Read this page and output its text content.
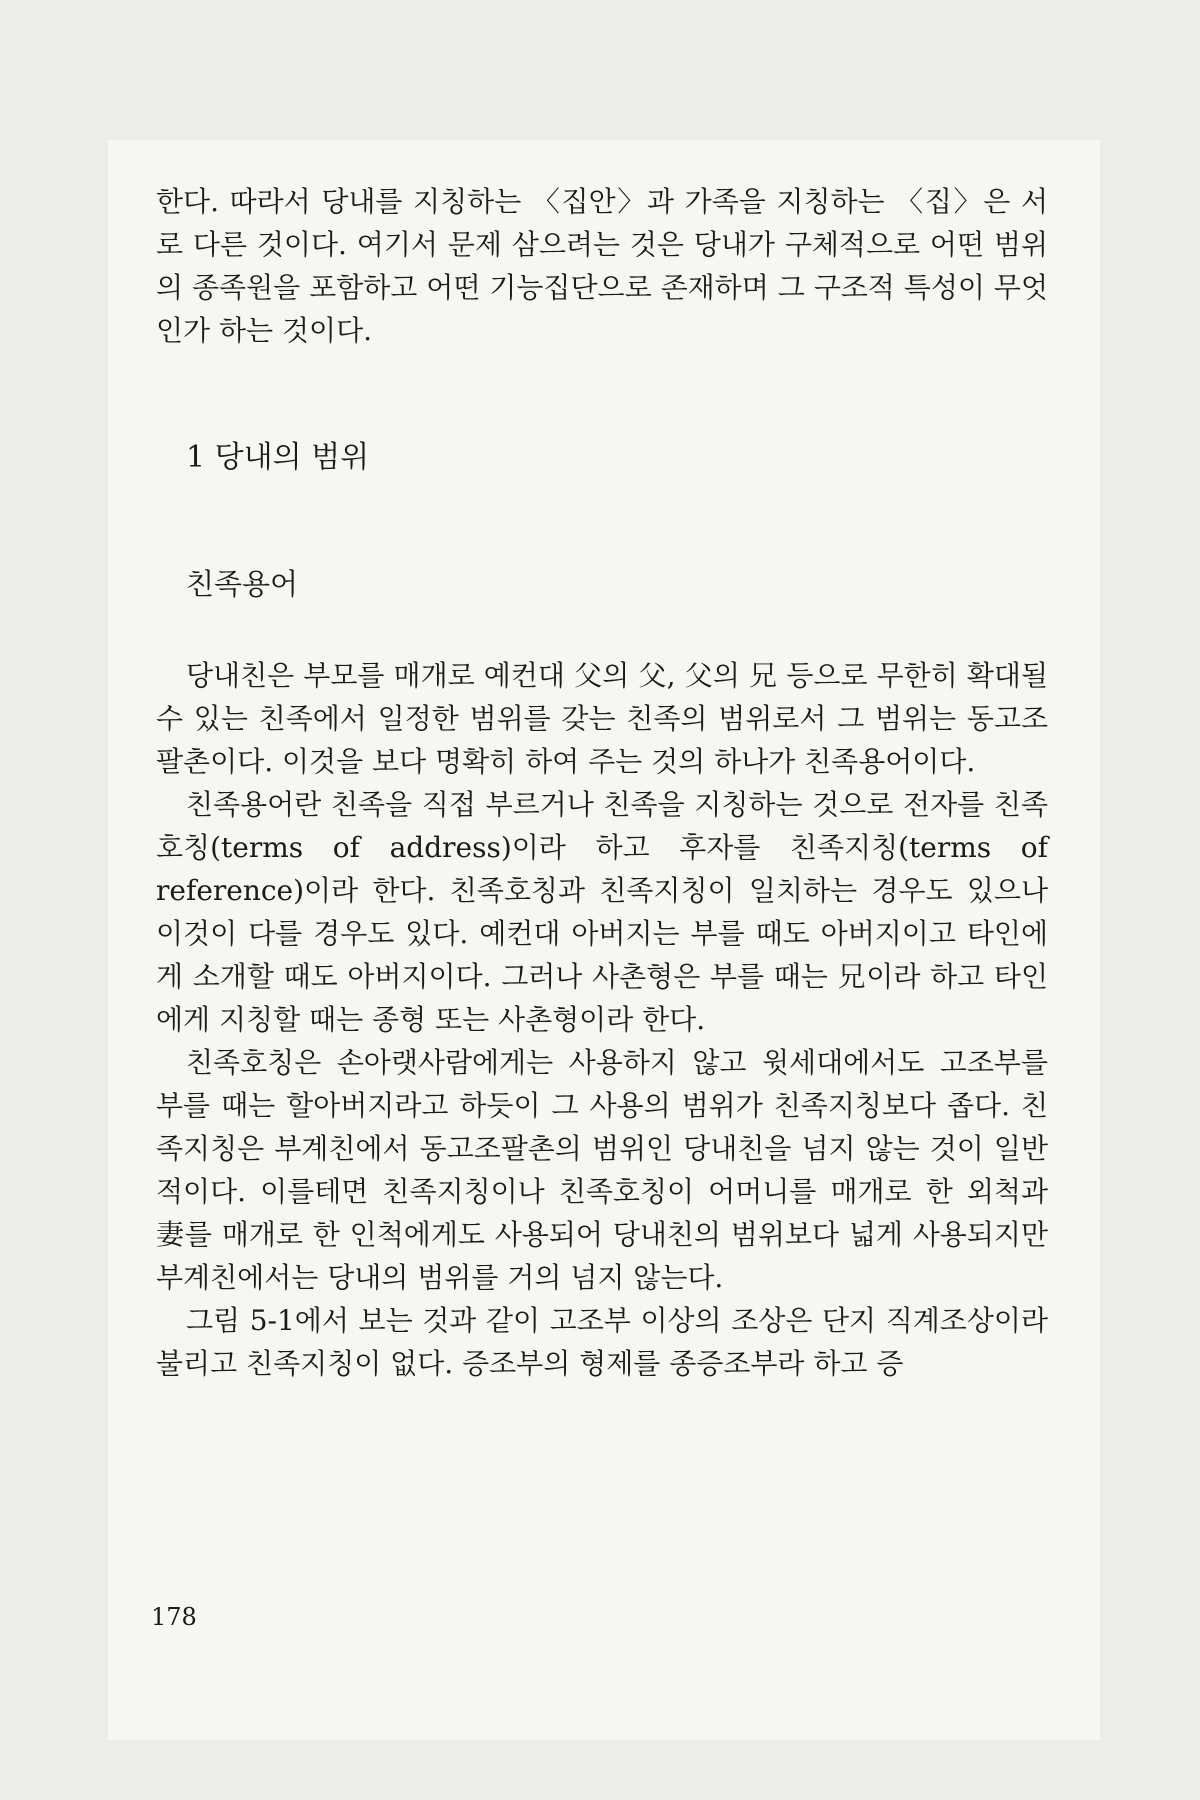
한다. 따라서 당내를 지칭하는 〈집안〉과 가족을 지칭하는 〈집〉은 서로 다른 것이다. 여기서 문제 삼으려는 것은 당내가 구체적으로 어떤 범위의 종족원을 포함하고 어떤 기능집단으로 존재하며 그 구조적 특성이 무엇인가 하는 것이다.

1 당내의 범위
친족용어

당내친은 부모를 매개로 예컨대 父의 父, 父의 兄 등으로 무한히 확대될 수 있는 친족에서 일정한 범위를 갖는 친족의 범위로서 그 범위는 동고조팔촌이다. 이것을 보다 명확히 하여 주는 것의 하나가 친족용어이다.

친족용어란 친족을 직접 부르거나 친족을 지칭하는 것으로 전자를 친족호칭(terms of address)이라 하고 후자를 친족지칭(terms of reference)이라 한다. 친족호칭과 친족지칭이 일치하는 경우도 있으나 이것이 다를 경우도 있다. 예컨대 아버지는 부를 때도 아버지이고 타인에게 소개할 때도 아버지이다. 그러나 사촌형은 부를 때는 兄이라 하고 타인에게 지칭할 때는 종형 또는 사촌형이라 한다.

친족호칭은 손아랫사람에게는 사용하지 않고 윗세대에서도 고조부를 부를 때는 할아버지라고 하듯이 그 사용의 범위가 친족지칭보다 좁다. 친족지칭은 부계친에서 동고조팔촌의 범위인 당내친을 넘지 않는 것이 일반적이다. 이를테면 친족지칭이나 친족호칭이 어머니를 매개로 한 외척과 妻를 매개로 한 인척에게도 사용되어 당내친의 범위보다 넓게 사용되지만 부계친에서는 당내의 범위를 거의 넘지 않는다.

그림 5-1에서 보는 것과 같이 고조부 이상의 조상은 단지 직계조상이라 불리고 친족지칭이 없다. 증조부의 형제를 종증조부라 하고 증

178
